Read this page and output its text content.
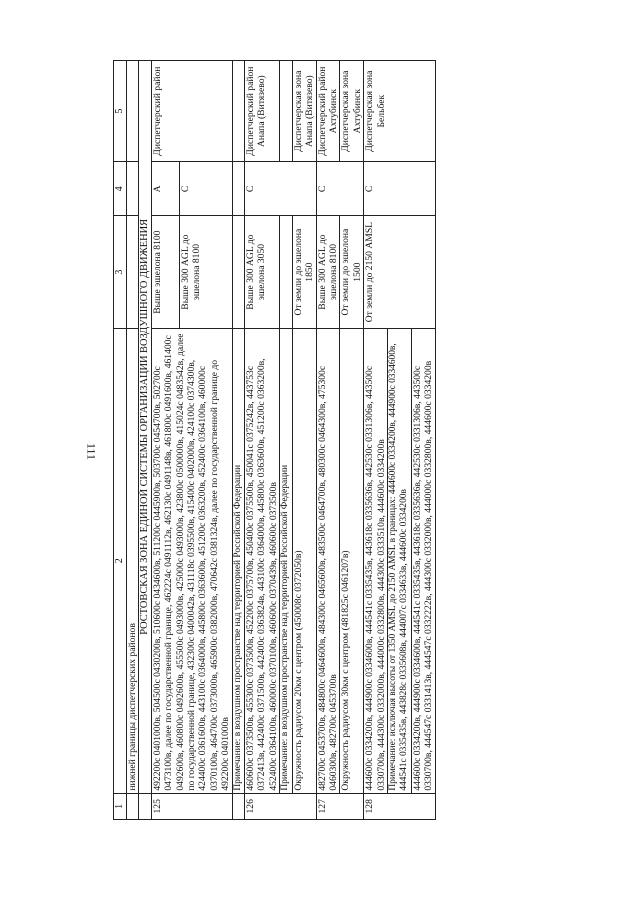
111
1	2	3	4	5
	нижней границы диспетчерских районов			
	РОСТОВСКАЯ ЗОНА ЕДИНОЙ СИСТЕМЫ ОРГАНИЗАЦИИ ВОЗДУШНОГО ДВИЖЕНИЯ			
125	492200с 0401000в, 504500с 0430200в, 510600с 0434600в, 511200с 0445900в, 503700с 0454700в, 502700с 0473100в, далее по государственной границе, 462224с 0491112в, 462130с 0491148в, 461800с 0491600в, 461400с 0492600в, 460800с 0492600в, 455500с 0493000в, 425000с 0493000в, 423800с 0500000в, 415024с 0483542в, далее по государственной границе, 432300с 0400042в, 431118с 0395500в, 415400с 0402000в, 424100с 0374300в, 424400с 0361600в, 443100с 0364000в, 445800с 0363600в, 451200с 0363200в, 452400с 0364100в, 460000с 0370100в, 464700с 0373000в, 465900с 0382000в, 470642с 0381324в, далее по государственной границе до 492200с 0401000в	Выше эшелона 8100	A	Диспетчерский район
		Выше 300 AGL до эшелона 8100	C	
	Примечание: в воздушном пространстве над территорией Российской Федерации			
126	460600с 0373500в, 455300с 0373500в, 452200с 0375700в, 450400с 0375500в, 450041с 0375242в, 443753с 0372413в, 442400с 0371500в, 442400с 0363824в, 443100с 0364000в, 445800с 0363600в, 451200с 0363200в, 452400с 0364100в, 460000с 0370100в, 460600с 0370439в, 460600с 0373500в	Выше 300 AGL до эшелона 3050	C	Диспетчерский район Анапа (Витязево)
	Примечание: в воздушном пространстве над территорией Российской Федерации			
	Окружность радиусом 20км с центром (450008с 0372050в)	От земли до эшелона 1850		Диспетчерская зона Анапа (Витязево)
127	482700с 0453700в, 484800с 0464600в, 484300с 0465600в, 483500с 0464700в, 480300с 0464300в, 475300с 0460300в, 482700с 0453700в	Выше 300 AGL до эшелона 8100	C	Диспетчерский район Ахтубинск
	Окружность радиусом 30км с центром (481825с 0461207в)	От земли до эшелона 1500		Диспетчерская зона Ахтубинск
128	444600с 0334200в, 444900с 0334600в, 444541с 0335435в, 443618с 0335636в, 442530с 0331306в, 443500с 0330700в, 444300с 0332000в, 444000с 0332800в, 444300с 0333510в, 444600с 0334200в	От земли до 2150 AMSL	C	Диспетчерская зона Бельбек
	Примечание: исключая высоты от 1350 AMSL до 2150 AMSL в границах: 444600с 0334200в, 444900с 0334600в, 444541с 0335435в, 443828с 0335608в, 444007с 0334633в, 444600с 0334200в			
	444600с 0334200в, 444900с 0334600в, 444541с 0335435в, 443618с 0335636в, 442530с 0331306в, 443500с 0330700в, 444547с 0331413в, 444547с 0332222в, 444300с 0332000в, 444000с 0332800в, 444600с 0334200в			
